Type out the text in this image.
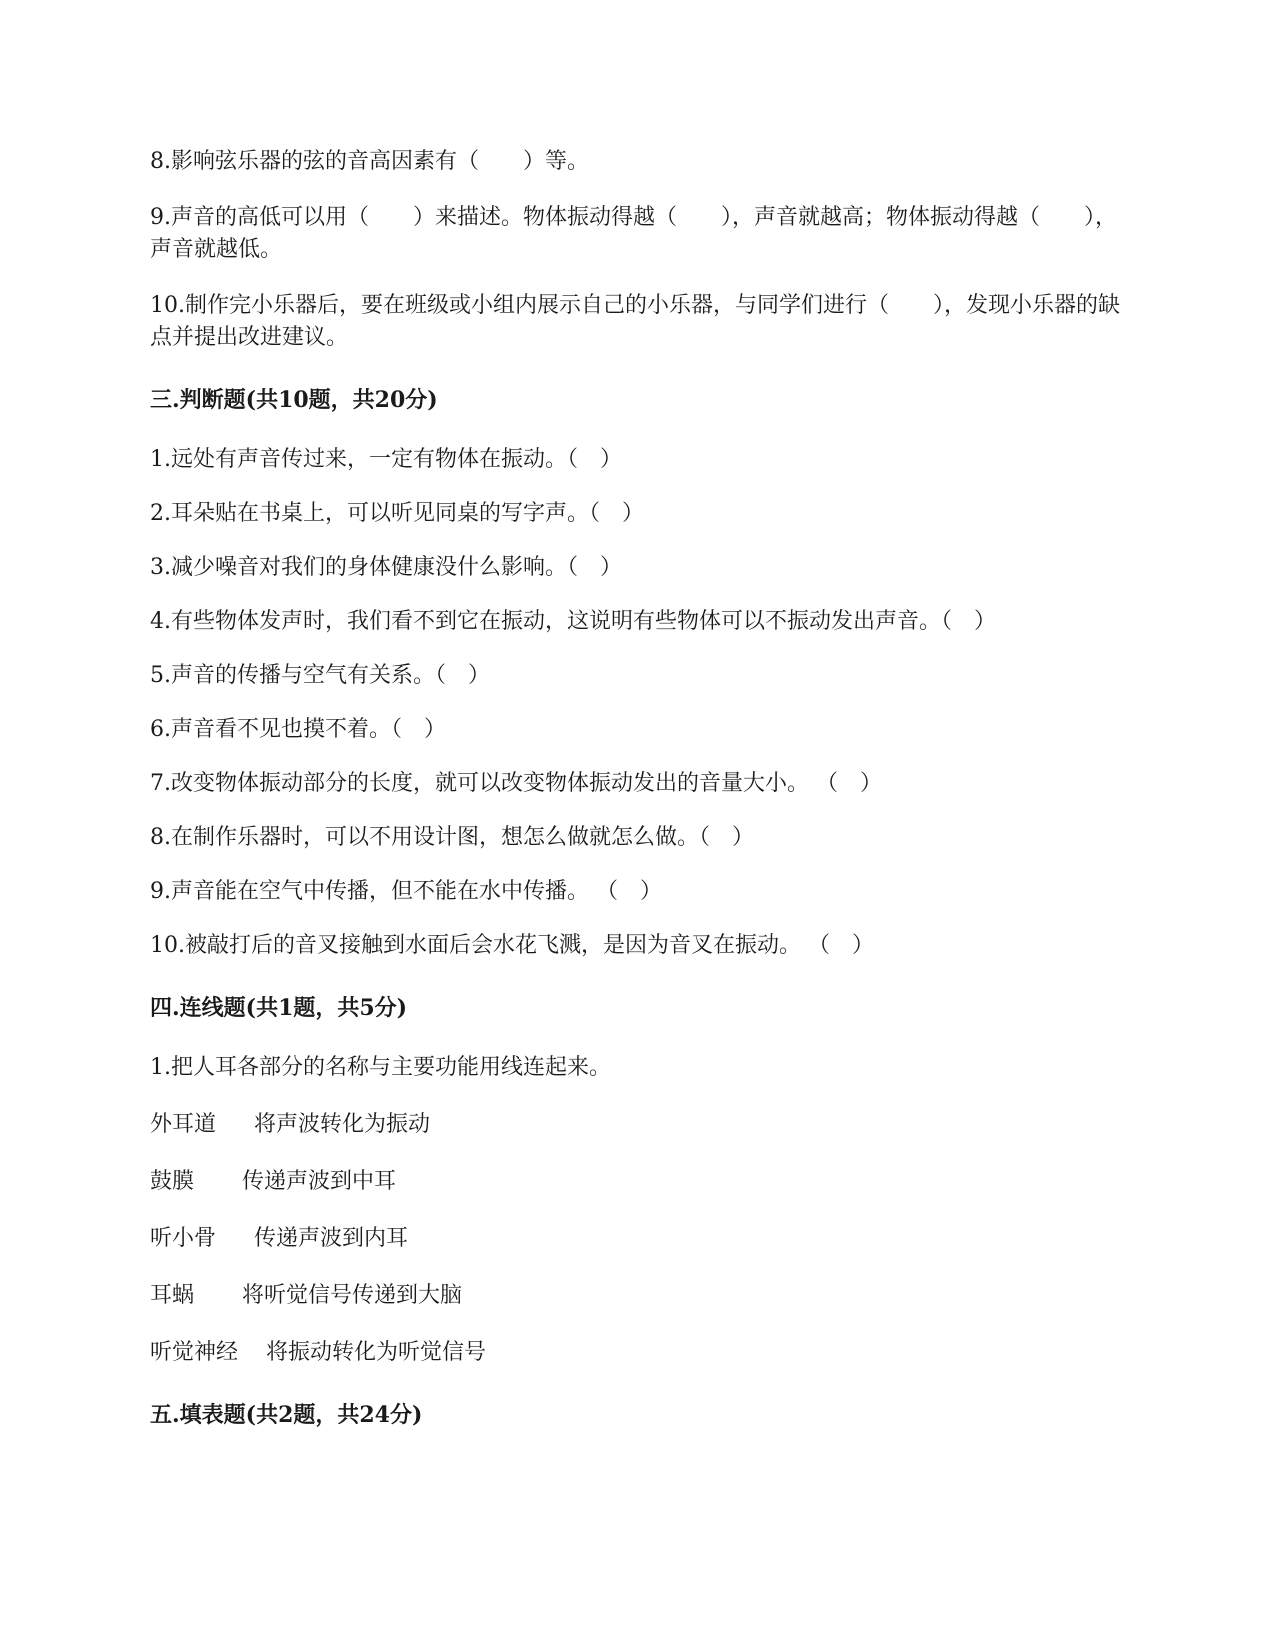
8.影响弦乐器的弦的音高因素有（　　）等。

9.声音的高低可以用（　　）来描述。物体振动得越（　　），声音就越高；物体振动得越（　　），声音就越低。

10.制作完小乐器后，要在班级或小组内展示自己的小乐器，与同学们进行（　　），发现小乐器的缺点并提出改进建议。

三.判断题(共10题，共20分)

1.远处有声音传过来，一定有物体在振动。（　）

2.耳朵贴在书桌上，可以听见同桌的写字声。（　）

3.减少噪音对我们的身体健康没什么影响。（　）

4.有些物体发声时，我们看不到它在振动，这说明有些物体可以不振动发出声音。（　）

5.声音的传播与空气有关系。（　）

6.声音看不见也摸不着。（　）

7.改变物体振动部分的长度，就可以改变物体振动发出的音量大小。 （　）

8.在制作乐器时，可以不用设计图，想怎么做就怎么做。（　）

9.声音能在空气中传播，但不能在水中传播。 （　）

10.被敲打后的音叉接触到水面后会水花飞溅，是因为音叉在振动。 （　）

四.连线题(共1题，共5分)

1.把人耳各部分的名称与主要功能用线连起来。

外耳道 将声波转化为振动
鼓膜 传递声波到中耳
听小骨 传递声波到内耳
耳蜗 将听觉信号传递到大脑
听觉神经 将振动转化为听觉信号
五.填表题(共2题，共24分)
